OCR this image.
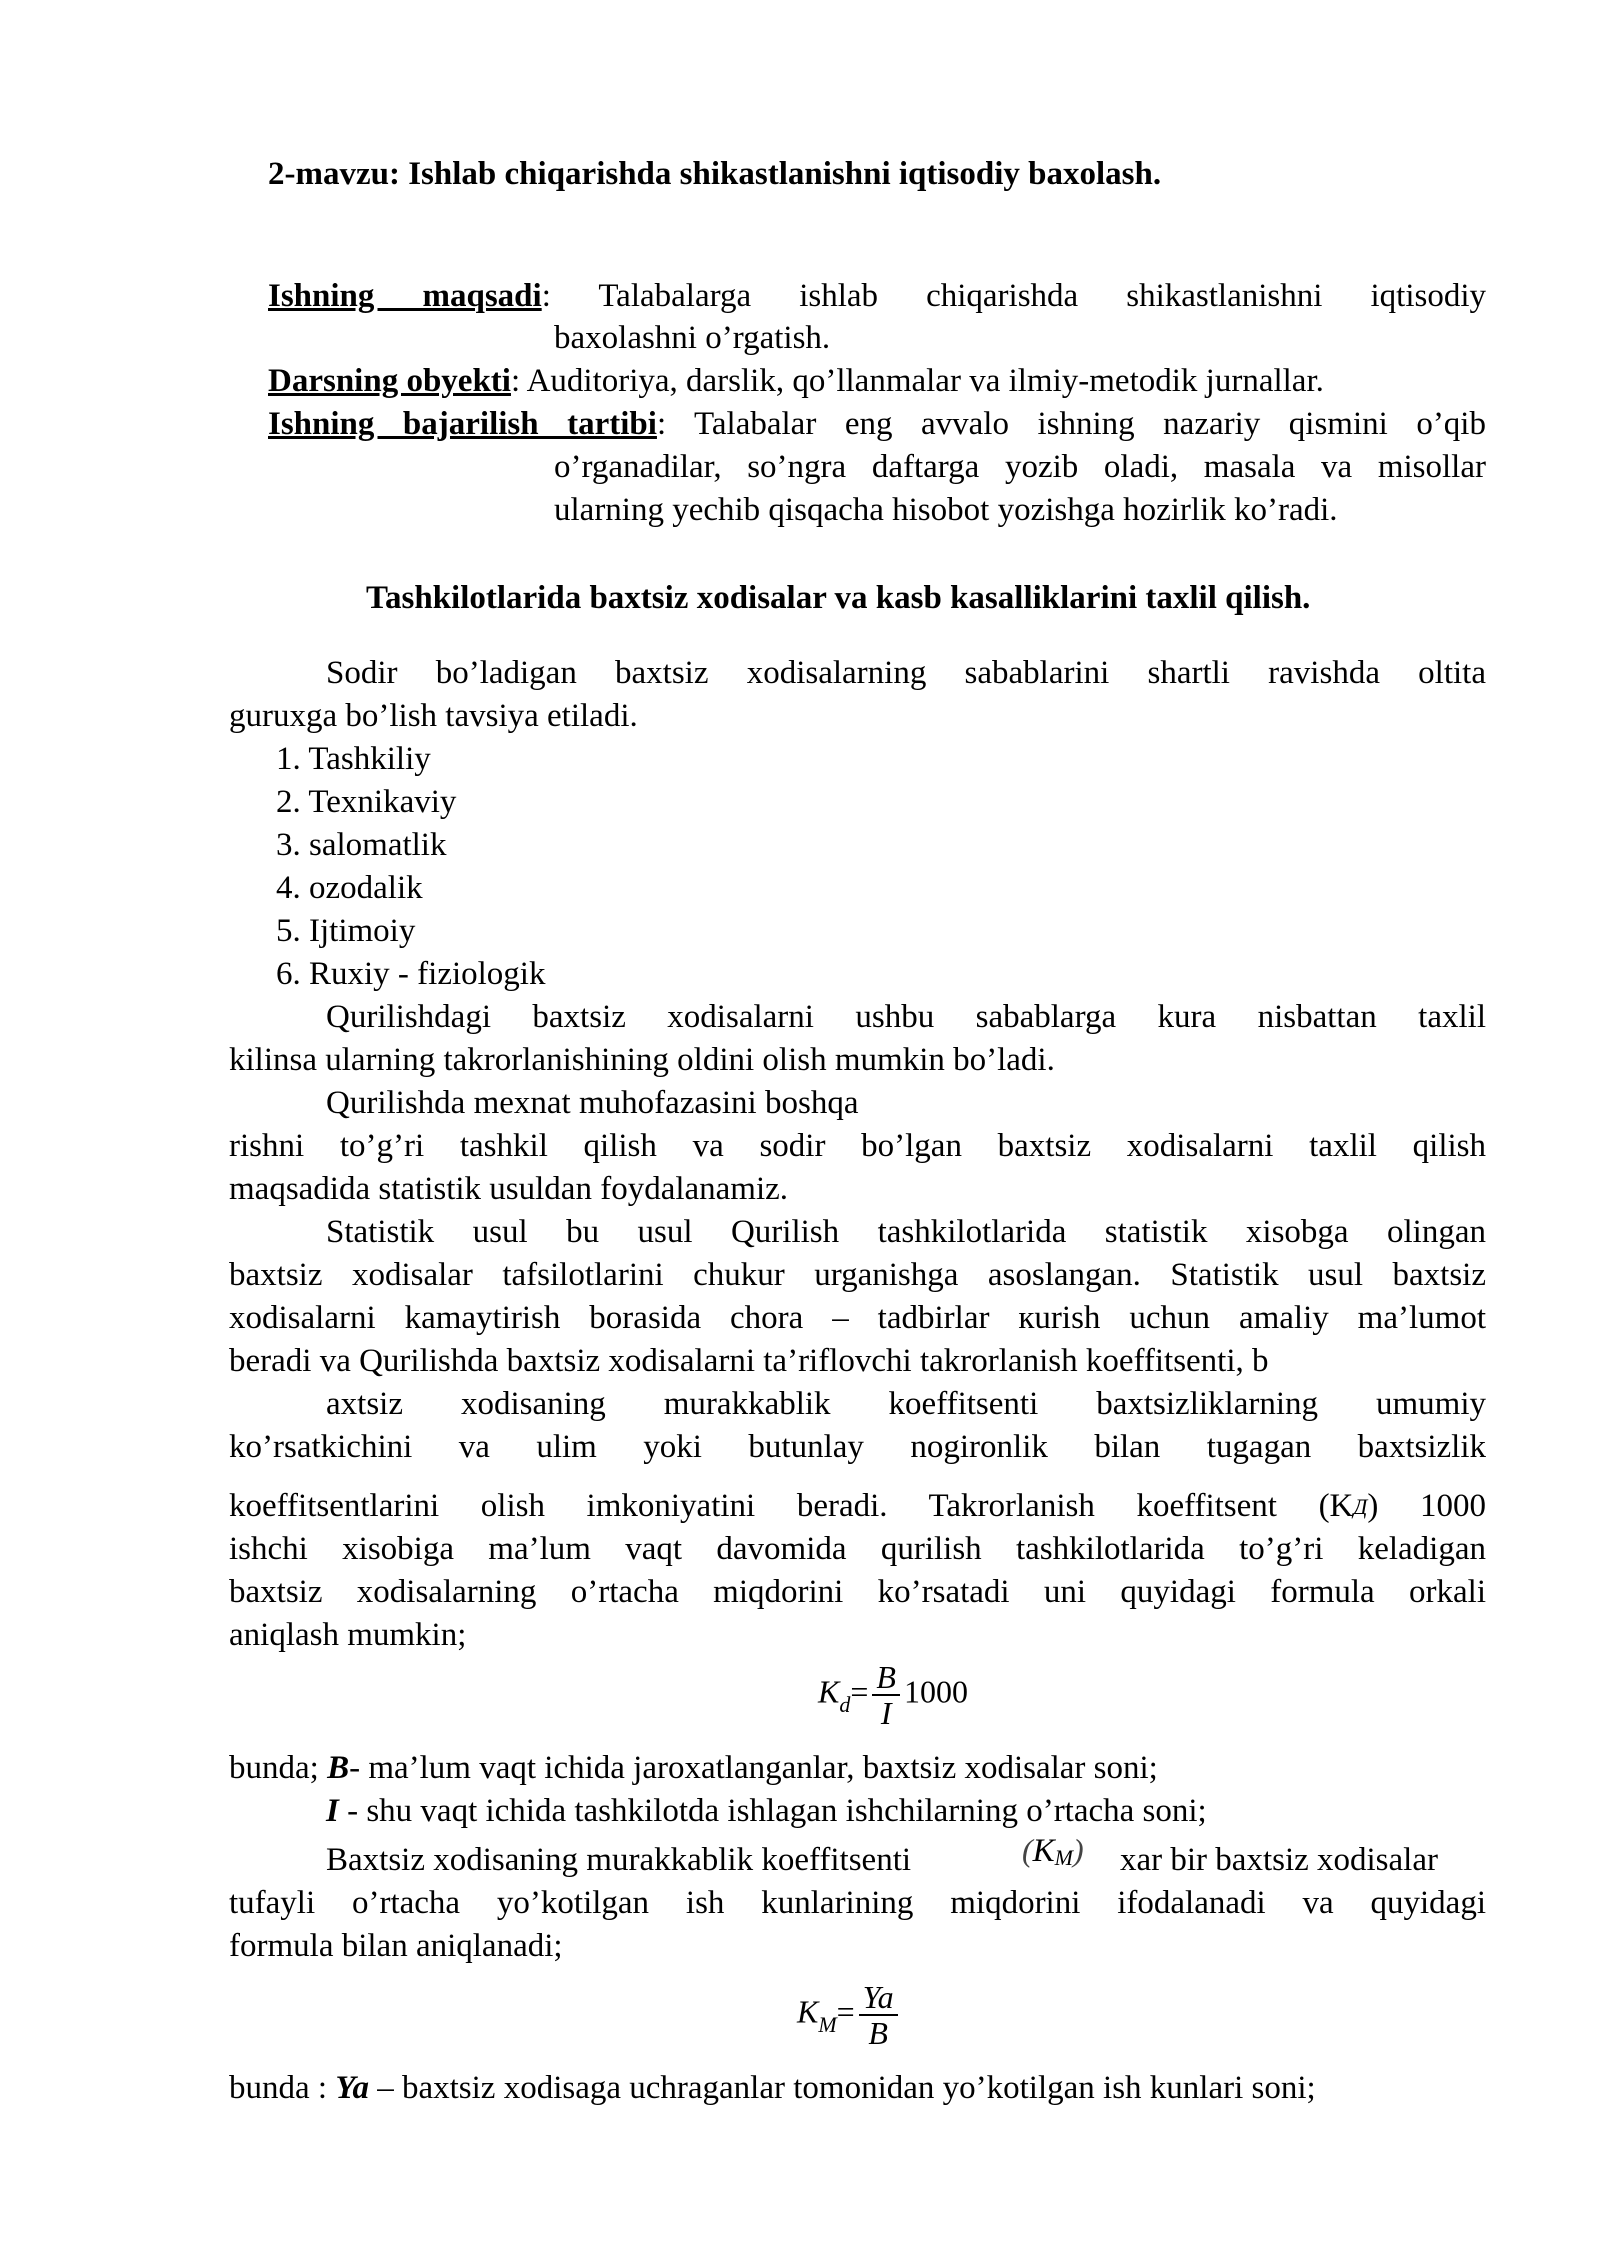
2-mavzu: Ishlab chiqarishda shikastlanishni iqtisodiy baxolash.
Ishning maqsadi: Talabalarga ishlab chiqarishda shikastlanishni iqtisodiy
baxolashni o’rgatish.
Darsning obyekti: Auditoriya, darslik, qo’llanmalar va ilmiy-metodik jurnallar.
Ishning bajarilish tartibi: Talabalar eng avvalo ishning nazariy qismini o’qib
o’rganadilar, so’ngra daftarga yozib oladi, masala va misollar
ularning yechib qisqacha hisobot yozishga hozirlik ko’radi.
Tashkilotlarida baxtsiz xodisalar va kasb kasalliklarini taxlil qilish.
Sodir bo’ladigan baxtsiz xodisalarning sabablarini shartli ravishda oltita
guruxga bo’lish tavsiya etiladi.
1. Tashkiliy
2. Texnikaviy
3. salomatlik
4. ozodalik
5. Ijtimoiy
6. Ruxiy - fiziologik
Qurilishdagi baxtsiz xodisalarni ushbu sabablarga kura nisbattan taxlil
kilinsa ularning takrorlanishining oldini olish mumkin bo’ladi.
Qurilishda mexnat muhofazasini boshqa
rishni to’g’ri tashkil qilish va sodir bo’lgan baxtsiz xodisalarni taxlil qilish
maqsadida statistik usuldan foydalanamiz.
Statistik usul bu usul Qurilish tashkilotlarida statistik xisobga olingan
baxtsiz xodisalar tafsilotlarini chukur urganishga asoslangan. Statistik usul baxtsiz
xodisalarni kamaytirish borasida chora – tadbirlar кurish uchun amaliy ma’lumot
beradi va Qurilishda baxtsiz xodisalarni ta’riflovchi takrorlanish koeffitsenti, b
axtsiz xodisaning murakkablik koeffitsenti baxtsizliklarning umumiy
ko’rsatkichini va ulim yoki butunlay nogironlik bilan tugagan baxtsizlik
koeffitsentlarini olish imkoniyatini beradi. Takrorlanish koeffitsent (KД) 1000
ishchi xisobiga ma’lum vaqt davomida qurilish tashkilotlarida to’g’ri keladigan
baxtsiz xodisalarning o’rtacha miqdorini ko’rsatadi uni quyidagi formula orkali
aniqlash mumkin;
$K_d= \frac{B}{I} 1000$
bunda; B- ma’lum vaqt ichida jaroxatlanganlar, baxtsiz xodisalar soni;
I - shu vaqt ichida tashkilotda ishlagan ishchilarning o’rtacha soni;
Baxtsiz xodisaning murakkablik koeffitsenti	(KM) xar bir baxtsiz xodisalar
tufayli o’rtacha yo’kotilgan ish kunlarining miqdorini ifodalanadi va quyidagi
formula bilan aniqlanadi;
$K_M= \frac{Ya}{B}$
bunda : Ya – baxtsiz xodisaga uchraganlar tomonidan yo’kotilgan ish kunlari soni;
